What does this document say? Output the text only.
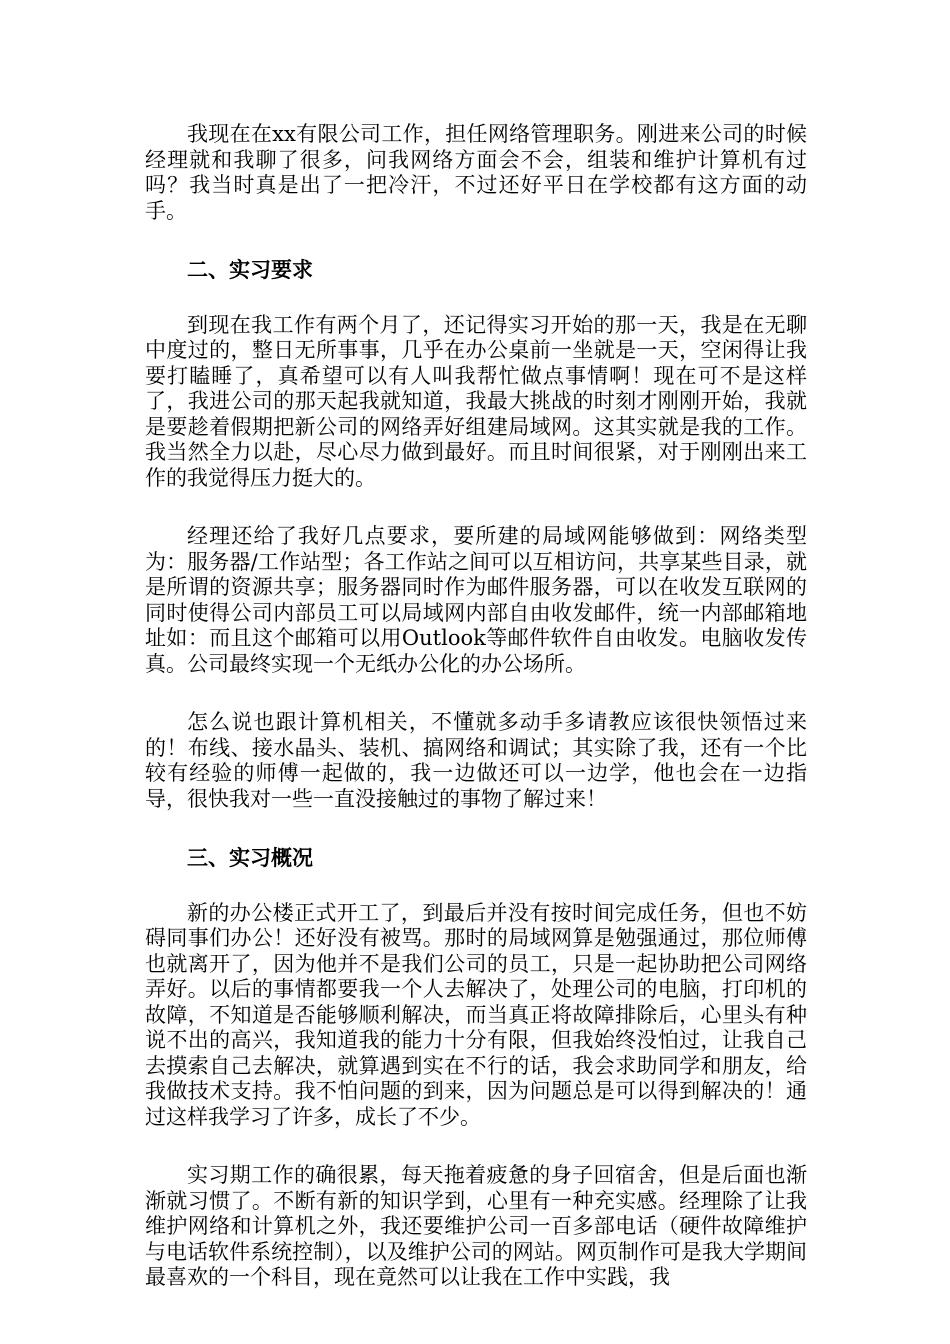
我现在在xx有限公司工作，担任网络管理职务。刚进来公司的时候经理就和我聊了很多，问我网络方面会不会，组装和维护计算机有过吗？我当时真是出了一把冷汗，不过还好平日在学校都有这方面的动手。

二、实习要求

到现在我工作有两个月了，还记得实习开始的那一天，我是在无聊中度过的，整日无所事事，几乎在办公桌前一坐就是一天，空闲得让我要打瞌睡了，真希望可以有人叫我帮忙做点事情啊！现在可不是这样了，我进公司的那天起我就知道，我最大挑战的时刻才刚刚开始，我就是要趁着假期把新公司的网络弄好组建局域网。这其实就是我的工作。我当然全力以赴，尽心尽力做到最好。而且时间很紧，对于刚刚出来工作的我觉得压力挺大的。

经理还给了我好几点要求，要所建的局域网能够做到：网络类型为：服务器/工作站型；各工作站之间可以互相访问，共享某些目录，就是所谓的资源共享；服务器同时作为邮件服务器，可以在收发互联网的同时使得公司内部员工可以局域网内部自由收发邮件，统一内部邮箱地址如：而且这个邮箱可以用Outlook等邮件软件自由收发。电脑收发传真。公司最终实现一个无纸办公化的办公场所。

怎么说也跟计算机相关，不懂就多动手多请教应该很快领悟过来的！布线、接水晶头、装机、搞网络和调试；其实除了我，还有一个比较有经验的师傅一起做的，我一边做还可以一边学，他也会在一边指导，很快我对一些一直没接触过的事物了解过来！

三、实习概况

新的办公楼正式开工了，到最后并没有按时间完成任务，但也不妨碍同事们办公！还好没有被骂。那时的局域网算是勉强通过，那位师傅也就离开了，因为他并不是我们公司的员工，只是一起协助把公司网络弄好。以后的事情都要我一个人去解决了，处理公司的电脑，打印机的故障，不知道是否能够顺利解决，而当真正将故障排除后，心里头有种说不出的高兴，我知道我的能力十分有限，但我始终没怕过，让我自己去摸索自己去解决，就算遇到实在不行的话，我会求助同学和朋友，给我做技术支持。我不怕问题的到来，因为问题总是可以得到解决的！通过这样我学习了许多，成长了不少。

实习期工作的确很累，每天拖着疲惫的身子回宿舍，但是后面也渐渐就习惯了。不断有新的知识学到，心里有一种充实感。经理除了让我维护网络和计算机之外，我还要维护公司一百多部电话（硬件故障维护与电话软件系统控制），以及维护公司的网站。网页制作可是我大学期间最喜欢的一个科目，现在竟然可以让我在工作中实践，我
